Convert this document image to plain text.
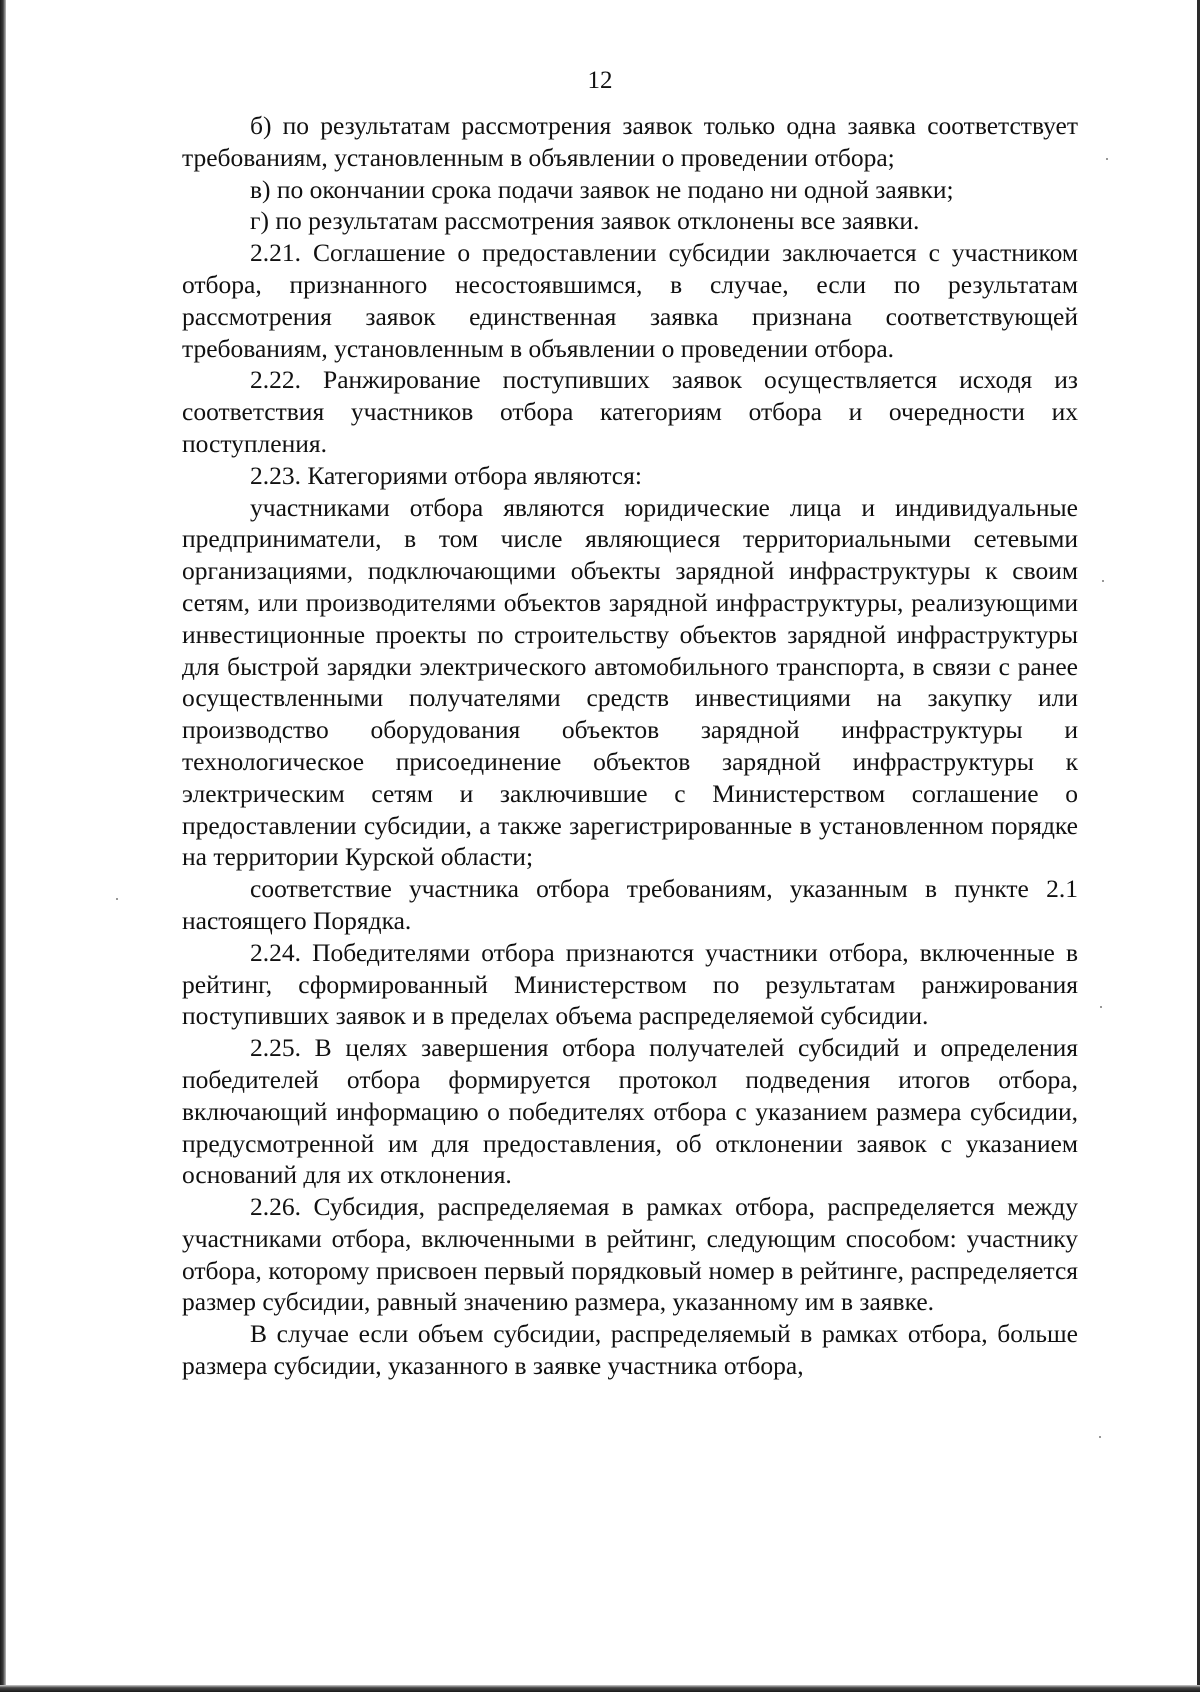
12

б) по результатам рассмотрения заявок только одна заявка соответствует требованиям, установленным в объявлении о проведении отбора;

в) по окончании срока подачи заявок не подано ни одной заявки;

г) по результатам рассмотрения заявок отклонены все заявки.

2.21. Соглашение о предоставлении субсидии заключается с участником отбора, признанного несостоявшимся, в случае, если по результатам рассмотрения заявок единственная заявка признана соответствующей требованиям, установленным в объявлении о проведении отбора.

2.22. Ранжирование поступивших заявок осуществляется исходя из соответствия участников отбора категориям отбора и очередности их поступления.

2.23. Категориями отбора являются:

участниками отбора являются юридические лица и индивидуальные предприниматели, в том числе являющиеся территориальными сетевыми организациями, подключающими объекты зарядной инфраструктуры к своим сетям, или производителями объектов зарядной инфраструктуры, реализующими инвестиционные проекты по строительству объектов зарядной инфраструктуры для быстрой зарядки электрического автомобильного транспорта, в связи с ранее осуществленными получателями средств инвестициями на закупку или производство оборудования объектов зарядной инфраструктуры и технологическое присоединение объектов зарядной инфраструктуры к электрическим сетям и заключившие с Министерством соглашение о предоставлении субсидии, а также зарегистрированные в установленном порядке на территории Курской области;

соответствие участника отбора требованиям, указанным в пункте 2.1 настоящего Порядка.

2.24. Победителями отбора признаются участники отбора, включенные в рейтинг, сформированный Министерством по результатам ранжирования поступивших заявок и в пределах объема распределяемой субсидии.

2.25. В целях завершения отбора получателей субсидий и определения победителей отбора формируется протокол подведения итогов отбора, включающий информацию о победителях отбора с указанием размера субсидии, предусмотренной им для предоставления, об отклонении заявок с указанием оснований для их отклонения.

2.26. Субсидия, распределяемая в рамках отбора, распределяется между участниками отбора, включенными в рейтинг, следующим способом: участнику отбора, которому присвоен первый порядковый номер в рейтинге, распределяется размер субсидии, равный значению размера, указанному им в заявке.

В случае если объем субсидии, распределяемый в рамках отбора, больше размера субсидии, указанного в заявке участника отбора,
